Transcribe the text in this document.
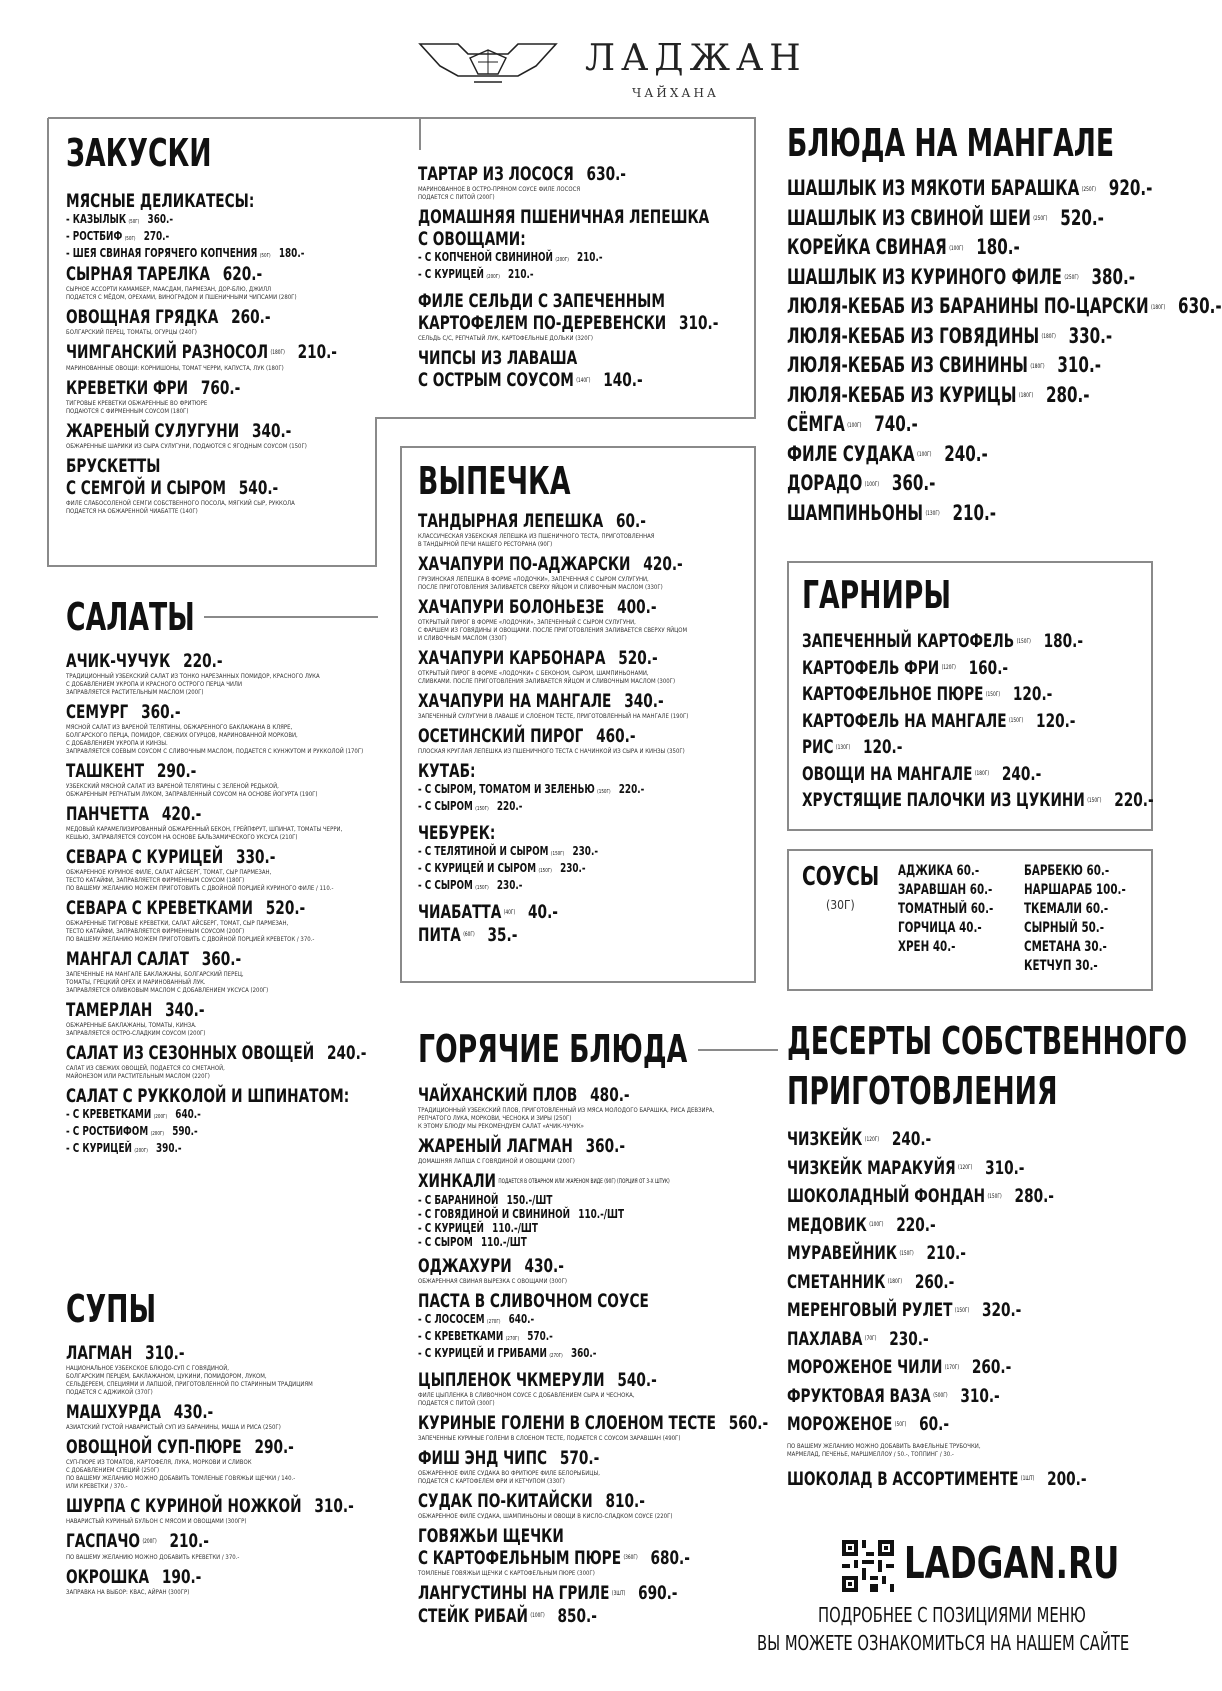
ЛАДЖАН
ЧАЙХАНА
ЗАКУСКИ
МЯСНЫЕ ДЕЛИКАТЕСЫ:
- КАЗЫЛЫК (50Г) 360.-
- РОСТБИФ (50Г) 270.-
- ШЕЯ СВИНАЯ ГОРЯЧЕГО КОПЧЕНИЯ (50Г) 180.-
СЫРНАЯ ТАРЕЛКА 620.-
СЫРНОЕ АССОРТИ КАМАМБЕР, МААСДАМ, ПАРМЕЗАН, ДОР-БЛЮ, ДЖИЛЛ
ПОДАЕТСЯ С МЁДОМ, ОРЕХАМИ, ВИНОГРАДОМ И ПШЕНИЧНЫМИ ЧИПСАМИ (280Г)
ОВОЩНАЯ ГРЯДКА 260.-
БОЛГАРСКИЙ ПЕРЕЦ, ТОМАТЫ, ОГУРЦЫ (240Г)
ЧИМГАНСКИЙ РАЗНОСОЛ (180Г) 210.-
МАРИНОВАННЫЕ ОВОЩИ: КОРНИШОНЫ, ТОМАТ ЧЕРРИ, КАПУСТА, ЛУК (180Г)
КРЕВЕТКИ ФРИ 760.-
ТИГРОВЫЕ КРЕВЕТКИ ОБЖАРЕННЫЕ ВО ФРИТЮРЕ
ПОДАЮТСЯ С ФИРМЕННЫМ СОУСОМ (180Г)
ЖАРЕНЫЙ СУЛУГУНИ 340.-
ОБЖАРЕННЫЕ ШАРИКИ ИЗ СЫРА СУЛУГУНИ, ПОДАЮТСЯ С ЯГОДНЫМ СОУСОМ (150Г)
БРУСКЕТТЫ
С СЕМГОЙ И СЫРОМ 540.-
ФИЛЕ СЛАБОСОЛЕНОЙ СЕМГИ СОБСТВЕННОГО ПОСОЛА, МЯГКИЙ СЫР, РУККОЛА
ПОДАЕТСЯ НА ОБЖАРЕННОЙ ЧИАБАТТЕ (140Г)
ТАРТАР ИЗ ЛОСОСЯ 630.-
МАРИНОВАННОЕ В ОСТРО-ПРЯНОМ СОУСЕ ФИЛЕ ЛОСОСЯ
ПОДАЕТСЯ С ПИТОЙ (200Г)
ДОМАШНЯЯ ПШЕНИЧНАЯ ЛЕПЕШКА
С ОВОЩАМИ:
- С КОПЧЕНОЙ СВИНИНОЙ (200Г) 210.-
- С КУРИЦЕЙ (200Г) 210.-
ФИЛЕ СЕЛЬДИ С ЗАПЕЧЕННЫМ
КАРТОФЕЛЕМ ПО-ДЕРЕВЕНСКИ 310.-
СЕЛЬДЬ С/С, РЕПЧАТЫЙ ЛУК, КАРТОФЕЛЬНЫЕ ДОЛЬКИ (320Г)
ЧИПСЫ ИЗ ЛАВАША
С ОСТРЫМ СОУСОМ (140Г) 140.-
САЛАТЫ
АЧИК-ЧУЧУК 220.-
ТРАДИЦИОННЫЙ УЗБЕКСКИЙ САЛАТ ИЗ ТОНКО НАРЕЗАННЫХ ПОМИДОР, КРАСНОГО ЛУКА
С ДОБАВЛЕНИЕМ УКРОПА И КРАСНОГО ОСТРОГО ПЕРЦА ЧИЛИ
ЗАПРАВЛЯЕТСЯ РАСТИТЕЛЬНЫМ МАСЛОМ (200Г)
СЕМУРГ 360.-
МЯСНОЙ САЛАТ ИЗ ВАРЕНОЙ ТЕЛЯТИНЫ, ОБЖАРЕННОГО БАКЛАЖАНА В КЛЯРЕ,
БОЛГАРСКОГО ПЕРЦА, ПОМИДОР, СВЕЖИХ ОГУРЦОВ, МАРИНОВАННОЙ МОРКОВИ,
С ДОБАВЛЕНИЕМ УКРОПА И КИНЗЫ.
ЗАПРАВЛЯЕТСЯ СОЕВЫМ СОУСОМ С СЛИВОЧНЫМ МАСЛОМ, ПОДАЕТСЯ С КУНЖУТОМ И РУККОЛОЙ (170Г)
ТАШКЕНТ 290.-
УЗБЕКСКИЙ МЯСНОЙ САЛАТ ИЗ ВАРЕНОЙ ТЕЛЯТИНЫ С ЗЕЛЕНОЙ РЕДЬКОЙ,
ОБЖАРЕННЫМ РЕПЧАТЫМ ЛУКОМ, ЗАПРАВЛЕННЫЙ СОУСОМ НА ОСНОВЕ ЙОГУРТА (190Г)
ПАНЧЕТТА 420.-
МЕДОВЫЙ КАРАМЕЛИЗИРОВАННЫЙ ОБЖАРЕННЫЙ БЕКОН, ГРЕЙПФРУТ, ШПИНАТ, ТОМАТЫ ЧЕРРИ,
КЕШЬЮ, ЗАПРАВЛЯЕТСЯ СОУСОМ НА ОСНОВЕ БАЛЬЗАМИЧЕСКОГО УКСУСА (210Г)
СЕВАРА С КУРИЦЕЙ 330.-
ОБЖАРЕННОЕ КУРИНОЕ ФИЛЕ, САЛАТ АЙСБЕРГ, ТОМАТ, СЫР ПАРМЕЗАН,
ТЕСТО КАТАЙФИ, ЗАПРАВЛЯЕТСЯ ФИРМЕННЫМ СОУСОМ (180Г)
ПО ВАШЕМУ ЖЕЛАНИЮ МОЖЕМ ПРИГОТОВИТЬ С ДВОЙНОЙ ПОРЦИЕЙ КУРИНОГО ФИЛЕ / 110.-
СЕВАРА С КРЕВЕТКАМИ 520.-
ОБЖАРЕННЫЕ ТИГРОВЫЕ КРЕВЕТКИ, САЛАТ АЙСБЕРГ, ТОМАТ, СЫР ПАРМЕЗАН,
ТЕСТО КАТАЙФИ, ЗАПРАВЛЯЕТСЯ ФИРМЕННЫМ СОУСОМ (200Г)
ПО ВАШЕМУ ЖЕЛАНИЮ МОЖЕМ ПРИГОТОВИТЬ С ДВОЙНОЙ ПОРЦИЕЙ КРЕВЕТОК / 370.-
МАНГАЛ САЛАТ 360.-
ЗАПЕЧЕННЫЕ НА МАНГАЛЕ БАКЛАЖАНЫ, БОЛГАРСКИЙ ПЕРЕЦ,
ТОМАТЫ, ГРЕЦКИЙ ОРЕХ И МАРИНОВАННЫЙ ЛУК.
ЗАПРАВЛЯЕТСЯ ОЛИВКОВЫМ МАСЛОМ С ДОБАВЛЕНИЕМ УКСУСА (200Г)
ТАМЕРЛАН 340.-
ОБЖАРЕННЫЕ БАКЛАЖАНЫ, ТОМАТЫ, КИНЗА.
ЗАПРАВЛЯЕТСЯ ОСТРО-СЛАДКИМ СОУСОМ (200Г)
САЛАТ ИЗ СЕЗОННЫХ ОВОЩЕЙ 240.-
САЛАТ ИЗ СВЕЖИХ ОВОЩЕЙ, ПОДАЕТСЯ СО СМЕТАНОЙ,
МАЙОНЕЗОМ ИЛИ РАСТИТЕЛЬНЫМ МАСЛОМ (220Г)
САЛАТ С РУККОЛОЙ И ШПИНАТОМ:
- С КРЕВЕТКАМИ (200Г) 640.-
- С РОСТБИФОМ (200Г) 590.-
- С КУРИЦЕЙ (200Г) 390.-
СУПЫ
ЛАГМАН 310.-
НАЦИОНАЛЬНОЕ УЗБЕКСКОЕ БЛЮДО-СУП С ГОВЯДИНОЙ,
БОЛГАРСКИМ ПЕРЦЕМ, БАКЛАЖАНОМ, ЦУКИНИ, ПОМИДОРОМ, ЛУКОМ,
СЕЛЬДЕРЕЕМ, СПЕЦИЯМИ И ЛАПШОЙ, ПРИГОТОВЛЕННОЙ ПО СТАРИННЫМ ТРАДИЦИЯМ
ПОДАЕТСЯ С АДЖИКОЙ (370Г)
МАШХУРДА 430.-
АЗИАТСКИЙ ГУСТОЙ НАВАРИСТЫЙ СУП ИЗ БАРАНИНЫ, МАША И РИСА (250Г)
ОВОЩНОЙ СУП-ПЮРЕ 290.-
СУП-ПЮРЕ ИЗ ТОМАТОВ, КАРТОФЕЛЯ, ЛУКА, МОРКОВИ И СЛИВОК
С ДОБАВЛЕНИЕМ СПЕЦИЙ (250Г)
ПО ВАШЕМУ ЖЕЛАНИЮ МОЖНО ДОБАВИТЬ ТОМЛЕНЫЕ ГОВЯЖЬИ ЩЕЧКИ / 140.-
ИЛИ КРЕВЕТКИ / 370.-
ШУРПА С КУРИНОЙ НОЖКОЙ 310.-
НАВАРИСТЫЙ КУРИНЫЙ БУЛЬОН С МЯСОМ И ОВОЩАМИ (300ГР)
ГАСПАЧО (200Г) 210.-
ПО ВАШЕМУ ЖЕЛАНИЮ МОЖНО ДОБАВИТЬ КРЕВЕТКИ / 370.-
ОКРОШКА 190.-
ЗАПРАВКА НА ВЫБОР: КВАС, АЙРАН (300ГР)
ВЫПЕЧКА
ТАНДЫРНАЯ ЛЕПЕШКА 60.-
КЛАССИЧЕСКАЯ УЗБЕКСКАЯ ЛЕПЕШКА ИЗ ПШЕНИЧНОГО ТЕСТА, ПРИГОТОВЛЕННАЯ
В ТАНДЫРНОЙ ПЕЧИ НАШЕГО РЕСТОРАНА (90Г)
ХАЧАПУРИ ПО-АДЖАРСКИ 420.-
ГРУЗИНСКАЯ ЛЕПЕШКА В ФОРМЕ «ЛОДОЧКИ», ЗАПЕЧЕННАЯ С СЫРОМ СУЛУГУНИ,
ПОСЛЕ ПРИГОТОВЛЕНИЯ ЗАЛИВАЕТСЯ СВЕРХУ ЯЙЦОМ И СЛИВОЧНЫМ МАСЛОМ (330Г)
ХАЧАПУРИ БОЛОНЬЕЗЕ 400.-
ОТКРЫТЫЙ ПИРОГ В ФОРМЕ «ЛОДОЧКИ», ЗАПЕЧЕННЫЙ С СЫРОМ СУЛУГУНИ,
С ФАРШЕМ ИЗ ГОВЯДИНЫ И ОВОЩАМИ. ПОСЛЕ ПРИГОТОВЛЕНИЯ ЗАЛИВАЕТСЯ СВЕРХУ ЯЙЦОМ
И СЛИВОЧНЫМ МАСЛОМ (330Г)
ХАЧАПУРИ КАРБОНАРА 520.-
ОТКРЫТЫЙ ПИРОГ В ФОРМЕ «ЛОДОЧКИ» С БЕКОНОМ, СЫРОМ, ШАМПИНЬОНАМИ,
СЛИВКАМИ. ПОСЛЕ ПРИГОТОВЛЕНИЯ ЗАЛИВАЕТСЯ ЯЙЦОМ И СЛИВОЧНЫМ МАСЛОМ (300Г)
ХАЧАПУРИ НА МАНГАЛЕ 340.-
ЗАПЕЧЕННЫЙ СУЛУГУНИ В ЛАВАШЕ И СЛОЕНОМ ТЕСТЕ, ПРИГОТОВЛЕННЫЙ НА МАНГАЛЕ (190Г)
ОСЕТИНСКИЙ ПИРОГ 460.-
ПЛОСКАЯ КРУГЛАЯ ЛЕПЕШКА ИЗ ПШЕНИЧНОГО ТЕСТА С НАЧИНКОЙ ИЗ СЫРА И КИНЗЫ (350Г)
КУТАБ:
- С СЫРОМ, ТОМАТОМ И ЗЕЛЕНЬЮ (150Г) 220.-
- С СЫРОМ (150Г) 220.-
ЧЕБУРЕК:
- С ТЕЛЯТИНОЙ И СЫРОМ (150Г) 230.-
- С КУРИЦЕЙ И СЫРОМ (150Г) 230.-
- С СЫРОМ (150Г) 230.-
ЧИАБАТТА (40Г) 40.-
ПИТА (60Г) 35.-
ГОРЯЧИЕ БЛЮДА
ЧАЙХАНСКИЙ ПЛОВ 480.-
ТРАДИЦИОННЫЙ УЗБЕКСКИЙ ПЛОВ, ПРИГОТОВЛЕННЫЙ ИЗ МЯСА МОЛОДОГО БАРАШКА, РИСА ДЕВЗИРА,
РЕПЧАТОГО ЛУКА, МОРКОВИ, ЧЕСНОКА И ЗИРЫ (250Г)
К ЭТОМУ БЛЮДУ МЫ РЕКОМЕНДУЕМ САЛАТ «АЧИК-ЧУЧУК»
ЖАРЕНЫЙ ЛАГМАН 360.-
ДОМАШНЯЯ ЛАПША С ГОВЯДИНОЙ И ОВОЩАМИ (200Г)
ХИНКАЛИ ПОДАЕТСЯ В ОТВАРНОМ ИЛИ ЖАРЕНОМ ВИДЕ (90Г) (ПОРЦИЯ ОТ 3-Х ШТУК)
- С БАРАНИНОЙ 150.-/ШТ
- С ГОВЯДИНОЙ И СВИНИНОЙ 110.-/ШТ
- С КУРИЦЕЙ 110.-/ШТ
- С СЫРОМ 110.-/ШТ
ОДЖАХУРИ 430.-
ОБЖАРЕННАЯ СВИНАЯ ВЫРЕЗКА С ОВОЩАМИ (300Г)
ПАСТА В СЛИВОЧНОМ СОУСЕ
- С ЛОСОСЕМ (270Г) 640.-
- С КРЕВЕТКАМИ (270Г) 570.-
- С КУРИЦЕЙ И ГРИБАМИ (270Г) 360.-
ЦЫПЛЕНОК ЧКМЕРУЛИ 540.-
ФИЛЕ ЦЫПЛЕНКА В СЛИВОЧНОМ СОУСЕ С ДОБАВЛЕНИЕМ СЫРА И ЧЕСНОКА,
ПОДАЕТСЯ С ПИТОЙ (300Г)
КУРИНЫЕ ГОЛЕНИ В СЛОЕНОМ ТЕСТЕ 560.-
ЗАПЕЧЕННЫЕ КУРИНЫЕ ГОЛЕНИ В СЛОЕНОМ ТЕСТЕ, ПОДАЕТСЯ С СОУСОМ ЗАРАВШАН (490Г)
ФИШ ЭНД ЧИПС 570.-
ОБЖАРЕННОЕ ФИЛЕ СУДАКА ВО ФРИТЮРЕ ФИЛЕ БЕЛОРЫБИЦЫ,
ПОДАЕТСЯ С КАРТОФЕЛЕМ ФРИ И КЕТЧУПОМ (330Г)
СУДАК ПО-КИТАЙСКИ 810.-
ОБЖАРЕННОЕ ФИЛЕ СУДАКА, ШАМПИНЬОНЫ И ОВОЩИ В КИСЛО-СЛАДКОМ СОУСЕ (220Г)
ГОВЯЖЬИ ЩЕЧКИ
С КАРТОФЕЛЬНЫМ ПЮРЕ (360Г) 680.-
ТОМЛЕНЫЕ ГОВЯЖЬИ ЩЕЧКИ С КАРТОФЕЛЬНЫМ ПЮРЕ (300Г)
ЛАНГУСТИНЫ НА ГРИЛЕ (3ШТ) 690.-
СТЕЙК РИБАЙ (100Г) 850.-
БЛЮДА НА МАНГАЛЕ
ШАШЛЫК ИЗ МЯКОТИ БАРАШКА (250Г) 920.-
ШАШЛЫК ИЗ СВИНОЙ ШЕИ (250Г) 520.-
КОРЕЙКА СВИНАЯ (100Г) 180.-
ШАШЛЫК ИЗ КУРИНОГО ФИЛЕ (250Г) 380.-
ЛЮЛЯ-КЕБАБ ИЗ БАРАНИНЫ ПО-ЦАРСКИ (180Г) 630.-
ЛЮЛЯ-КЕБАБ ИЗ ГОВЯДИНЫ (180Г) 330.-
ЛЮЛЯ-КЕБАБ ИЗ СВИНИНЫ (180Г) 310.-
ЛЮЛЯ-КЕБАБ ИЗ КУРИЦЫ (180Г) 280.-
СЁМГА (100Г) 740.-
ФИЛЕ СУДАКА (100Г) 240.-
ДОРАДО (100Г) 360.-
ШАМПИНЬОНЫ (130Г) 210.-
ГАРНИРЫ
ЗАПЕЧЕННЫЙ КАРТОФЕЛЬ (150Г) 180.-
КАРТОФЕЛЬ ФРИ (120Г) 160.-
КАРТОФЕЛЬНОЕ ПЮРЕ (150Г) 120.-
КАРТОФЕЛЬ НА МАНГАЛЕ (150Г) 120.-
РИС (130Г) 120.-
ОВОЩИ НА МАНГАЛЕ (180Г) 240.-
ХРУСТЯЩИЕ ПАЛОЧКИ ИЗ ЦУКИНИ (150Г) 220.-
СОУСЫ
(30Г)
АДЖИКА 60.-
ЗАРАВШАН 60.-
ТОМАТНЫЙ 60.-
ГОРЧИЦА 40.-
ХРЕН 40.-
БАРБЕКЮ 60.-
НАРШАРАБ 100.-
ТКЕМАЛИ 60.-
СЫРНЫЙ 50.-
СМЕТАНА 30.-
КЕТЧУП 30.-
ДЕСЕРТЫ СОБСТВЕННОГО
ПРИГОТОВЛЕНИЯ
ЧИЗКЕЙК (120Г) 240.-
ЧИЗКЕЙК МАРАКУЙЯ (120Г) 310.-
ШОКОЛАДНЫЙ ФОНДАН (150Г) 280.-
МЕДОВИК (100Г) 220.-
МУРАВЕЙНИК (150Г) 210.-
СМЕТАННИК (180Г) 260.-
МЕРЕНГОВЫЙ РУЛЕТ (150Г) 320.-
ПАХЛАВА (70Г) 230.-
МОРОЖЕНОЕ ЧИЛИ (170Г) 260.-
ФРУКТОВАЯ ВАЗА (500Г) 310.-
МОРОЖЕНОЕ (50Г) 60.-
ПО ВАШЕМУ ЖЕЛАНИЮ МОЖНО ДОБАВИТЬ ВАФЕЛЬНЫЕ ТРУБОЧКИ,
МАРМЕЛАД, ПЕЧЕНЬЕ, МАРШМЕЛЛОУ / 50.-, ТОППИНГ / 30.-
ШОКОЛАД В АССОРТИМЕНТЕ (1ШТ) 200.-
LADGAN.RU
ПОДРОБНЕЕ С ПОЗИЦИЯМИ МЕНЮ
ВЫ МОЖЕТЕ ОЗНАКОМИТЬСЯ НА НАШЕМ САЙТЕ
